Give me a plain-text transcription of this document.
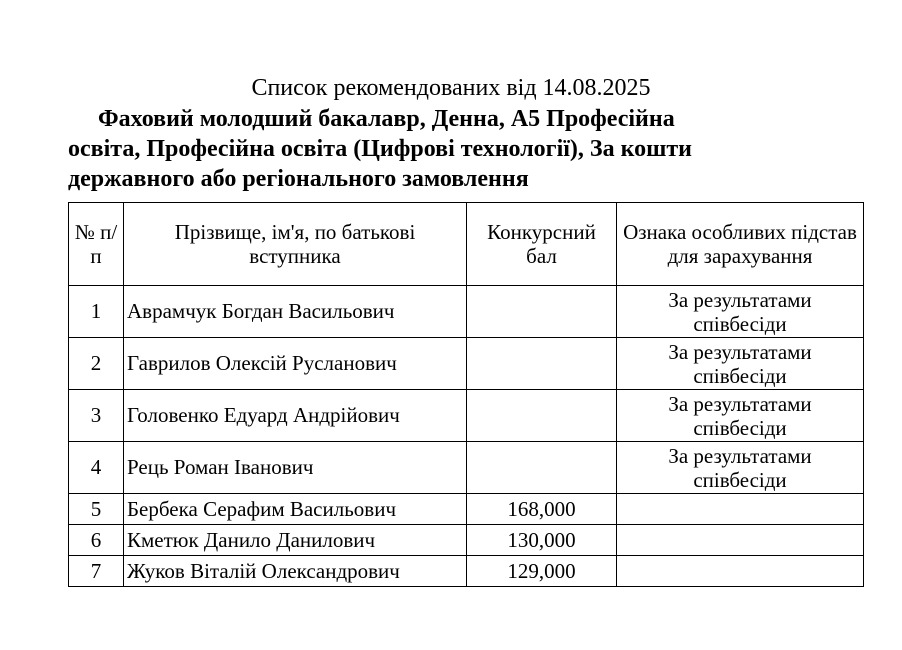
Список рекомендованих від 14.08.2025
Фаховий молодший бакалавр, Денна, А5 Професійна
освіта, Професійна освіта (Цифрові технології), За кошти
державного або регіонального замовлення
№ п/п	Прізвище, ім'я, по батькові вступника	Конкурсний бал	Ознака особливих підстав для зарахування
1	Аврамчук Богдан Васильович		За результатами співбесіди
2	Гаврилов Олексій Русланович		За результатами співбесіди
3	Головенко Едуард Андрійович		За результатами співбесіди
4	Рець Роман Іванович		За результатами співбесіди
5	Бербека Серафим Васильович	168,000	
6	Кметюк Данило Данилович	130,000	
7	Жуков Віталій Олександрович	129,000	
